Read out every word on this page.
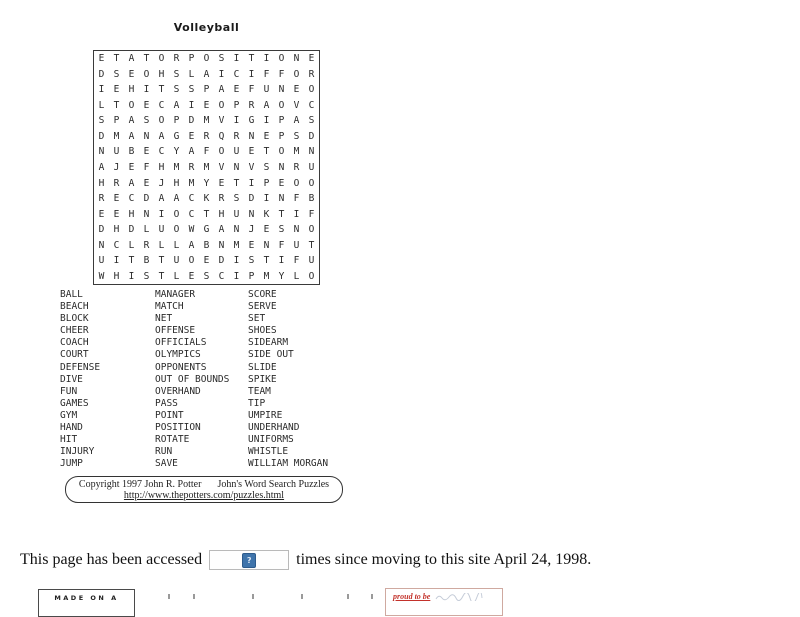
Volleyball
E T A T O R P O S I T I O N E
D S E O H S L A I C I F F O R
I E H I T S S P A E F U N E O
L T O E C A I E O P R A O V C
S P A S O P D M V I G I P A S
D M A N A G E R Q R N E P S D
N U B E C Y A F O U E T O M N
A J E F H M R M V N V S N R U
H R A E J H M Y E T I P E O O
R E C D A A C K R S D I N F B
E E H N I O C T H U N K T I F
D H D L U O W G A N J E S N O
N C L R L L A B N M E N F U T
U I T B T U O E D I S T I F U
W H I S T L E S C I P M Y L O
BALL
BEACH
BLOCK
CHEER
COACH
COURT
DEFENSE
DIVE
FUN
GAMES
GYM
HAND
HIT
INJURY
JUMP
MANAGER
MATCH
NET
OFFENSE
OFFICIALS
OLYMPICS
OPPONENTS
OUT OF BOUNDS
OVERHAND
PASS
POINT
POSITION
ROTATE
RUN
SAVE
SCORE
SERVE
SET
SHOES
SIDEARM
SIDE OUT
SLIDE
SPIKE
TEAM
TIP
UMPIRE
UNDERHAND
UNIFORMS
WHISTLE
WILLIAM MORGAN
Copyright 1997 John R. Potter John's Word Search Puzzles
http://www.thepotters.com/puzzles.html
This page has been accessed	?	times since moving to this site April 24, 1998.
MADE ON A	proud to be
